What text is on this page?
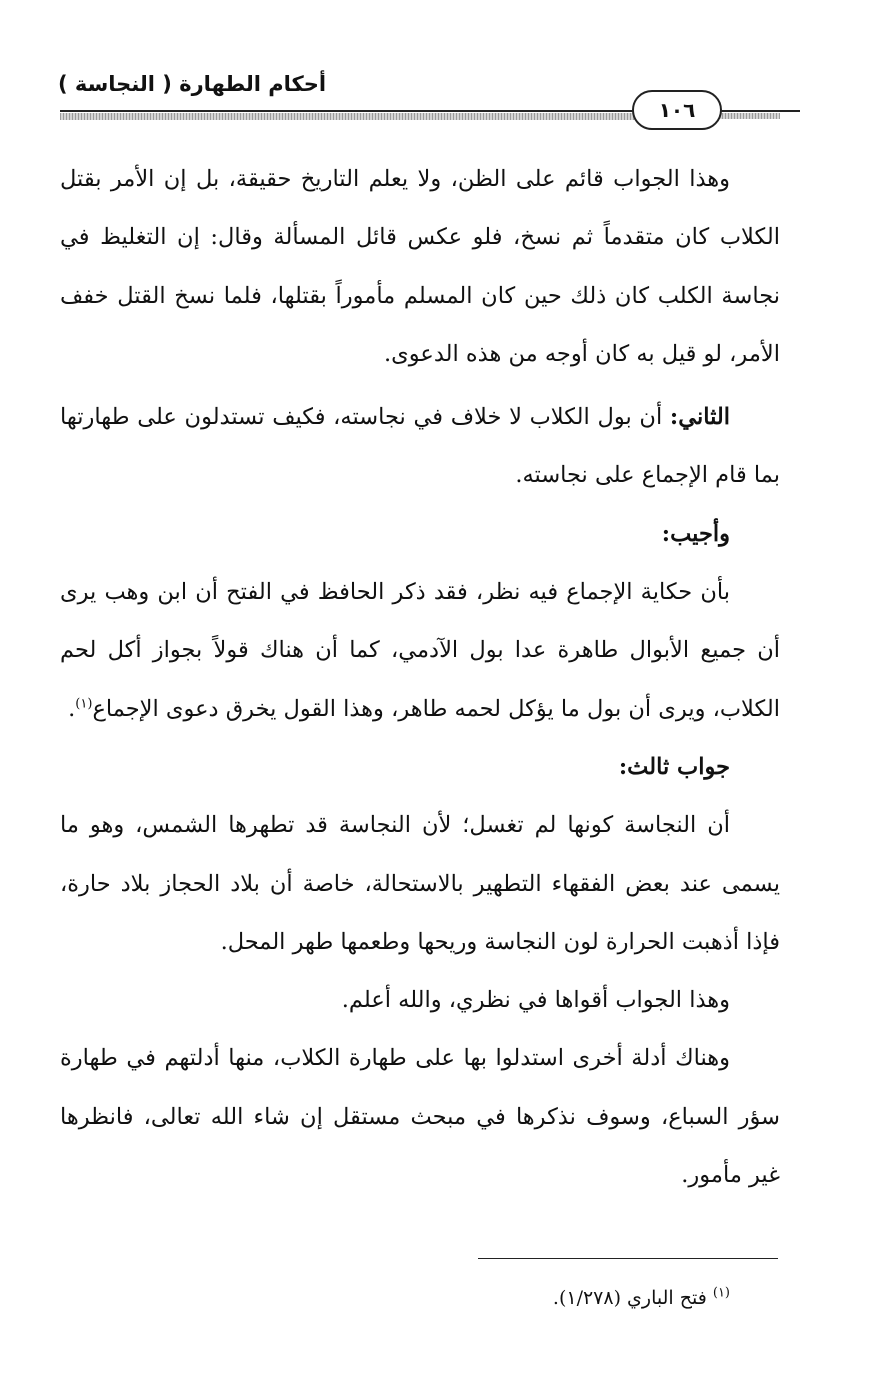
أحكام الطهارة ( النجاسة )
١٠٦

وهذا الجواب قائم على الظن، ولا يعلم التاريخ حقيقة، بل إن الأمر بقتل الكلاب كان متقدماً ثم نسخ، فلو عكس قائل المسألة وقال: إن التغليظ في نجاسة الكلب كان ذلك حين كان المسلم مأموراً بقتلها، فلما نسخ القتل خفف الأمر، لو قيل به كان أوجه من هذه الدعوى.

الثاني: أن بول الكلاب لا خلاف في نجاسته، فكيف تستدلون على طهارتها بما قام الإجماع على نجاسته.

وأجيب:

بأن حكاية الإجماع فيه نظر، فقد ذكر الحافظ في الفتح أن ابن وهب يرى أن جميع الأبوال طاهرة عدا بول الآدمي، كما أن هناك قولاً بجواز أكل لحم الكلاب، ويرى أن بول ما يؤكل لحمه طاهر، وهذا القول يخرق دعوى الإجماع$^{(١)}$.

جواب ثالث:

أن النجاسة كونها لم تغسل؛ لأن النجاسة قد تطهرها الشمس، وهو ما يسمى عند بعض الفقهاء التطهير بالاستحالة، خاصة أن بلاد الحجاز بلاد حارة، فإذا أذهبت الحرارة لون النجاسة وريحها وطعمها طهر المحل.

وهذا الجواب أقواها في نظري، والله أعلم.

وهناك أدلة أخرى استدلوا بها على طهارة الكلاب، منها أدلتهم في طهارة سؤر السباع، وسوف نذكرها في مبحث مستقل إن شاء الله تعالى، فانظرها غير مأمور.

$^{(١)}$ فتح الباري (١/٢٧٨).
